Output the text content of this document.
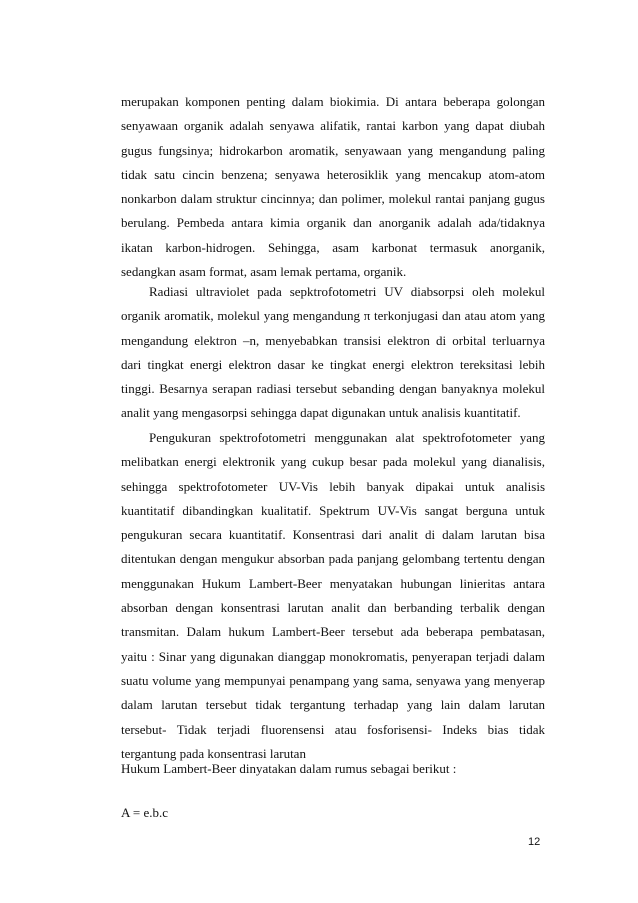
merupakan komponen penting dalam biokimia. Di antara beberapa golongan senyawaan organik adalah senyawa alifatik, rantai karbon yang dapat diubah gugus fungsinya; hidrokarbon aromatik, senyawaan yang mengandung paling tidak satu cincin benzena; senyawa heterosiklik yang mencakup atom-atom nonkarbon dalam struktur cincinnya; dan polimer, molekul rantai panjang gugus berulang. Pembeda antara kimia organik dan anorganik adalah ada/tidaknya ikatan karbon-hidrogen. Sehingga, asam karbonat termasuk anorganik, sedangkan asam format, asam lemak pertama, organik.

Radiasi ultraviolet pada sepktrofotometri UV diabsorpsi oleh molekul organik aromatik, molekul yang mengandung π terkonjugasi dan atau atom yang mengandung elektron –n, menyebabkan transisi elektron di orbital terluarnya dari tingkat energi elektron dasar ke tingkat energi elektron tereksitasi lebih tinggi. Besarnya serapan radiasi tersebut sebanding dengan banyaknya molekul analit yang mengasorpsi sehingga dapat digunakan untuk analisis kuantitatif.

Pengukuran spektrofotometri menggunakan alat spektrofotometer yang melibatkan energi elektronik yang cukup besar pada molekul yang dianalisis, sehingga spektrofotometer UV-Vis lebih banyak dipakai untuk analisis kuantitatif dibandingkan kualitatif. Spektrum UV-Vis sangat berguna untuk pengukuran secara kuantitatif. Konsentrasi dari analit di dalam larutan bisa ditentukan dengan mengukur absorban pada panjang gelombang tertentu dengan menggunakan Hukum Lambert-Beer menyatakan hubungan linieritas antara absorban dengan konsentrasi larutan analit dan berbanding terbalik dengan transmitan. Dalam hukum Lambert-Beer tersebut ada beberapa pembatasan, yaitu : Sinar yang digunakan dianggap monokromatis, penyerapan terjadi dalam suatu volume yang mempunyai penampang yang sama, senyawa yang menyerap dalam larutan tersebut tidak tergantung terhadap yang lain dalam larutan tersebut- Tidak terjadi fluorensensi atau fosforisensi- Indeks bias tidak tergantung pada konsentrasi larutan

Hukum Lambert-Beer dinyatakan dalam rumus sebagai berikut :

A = e.b.c

12
